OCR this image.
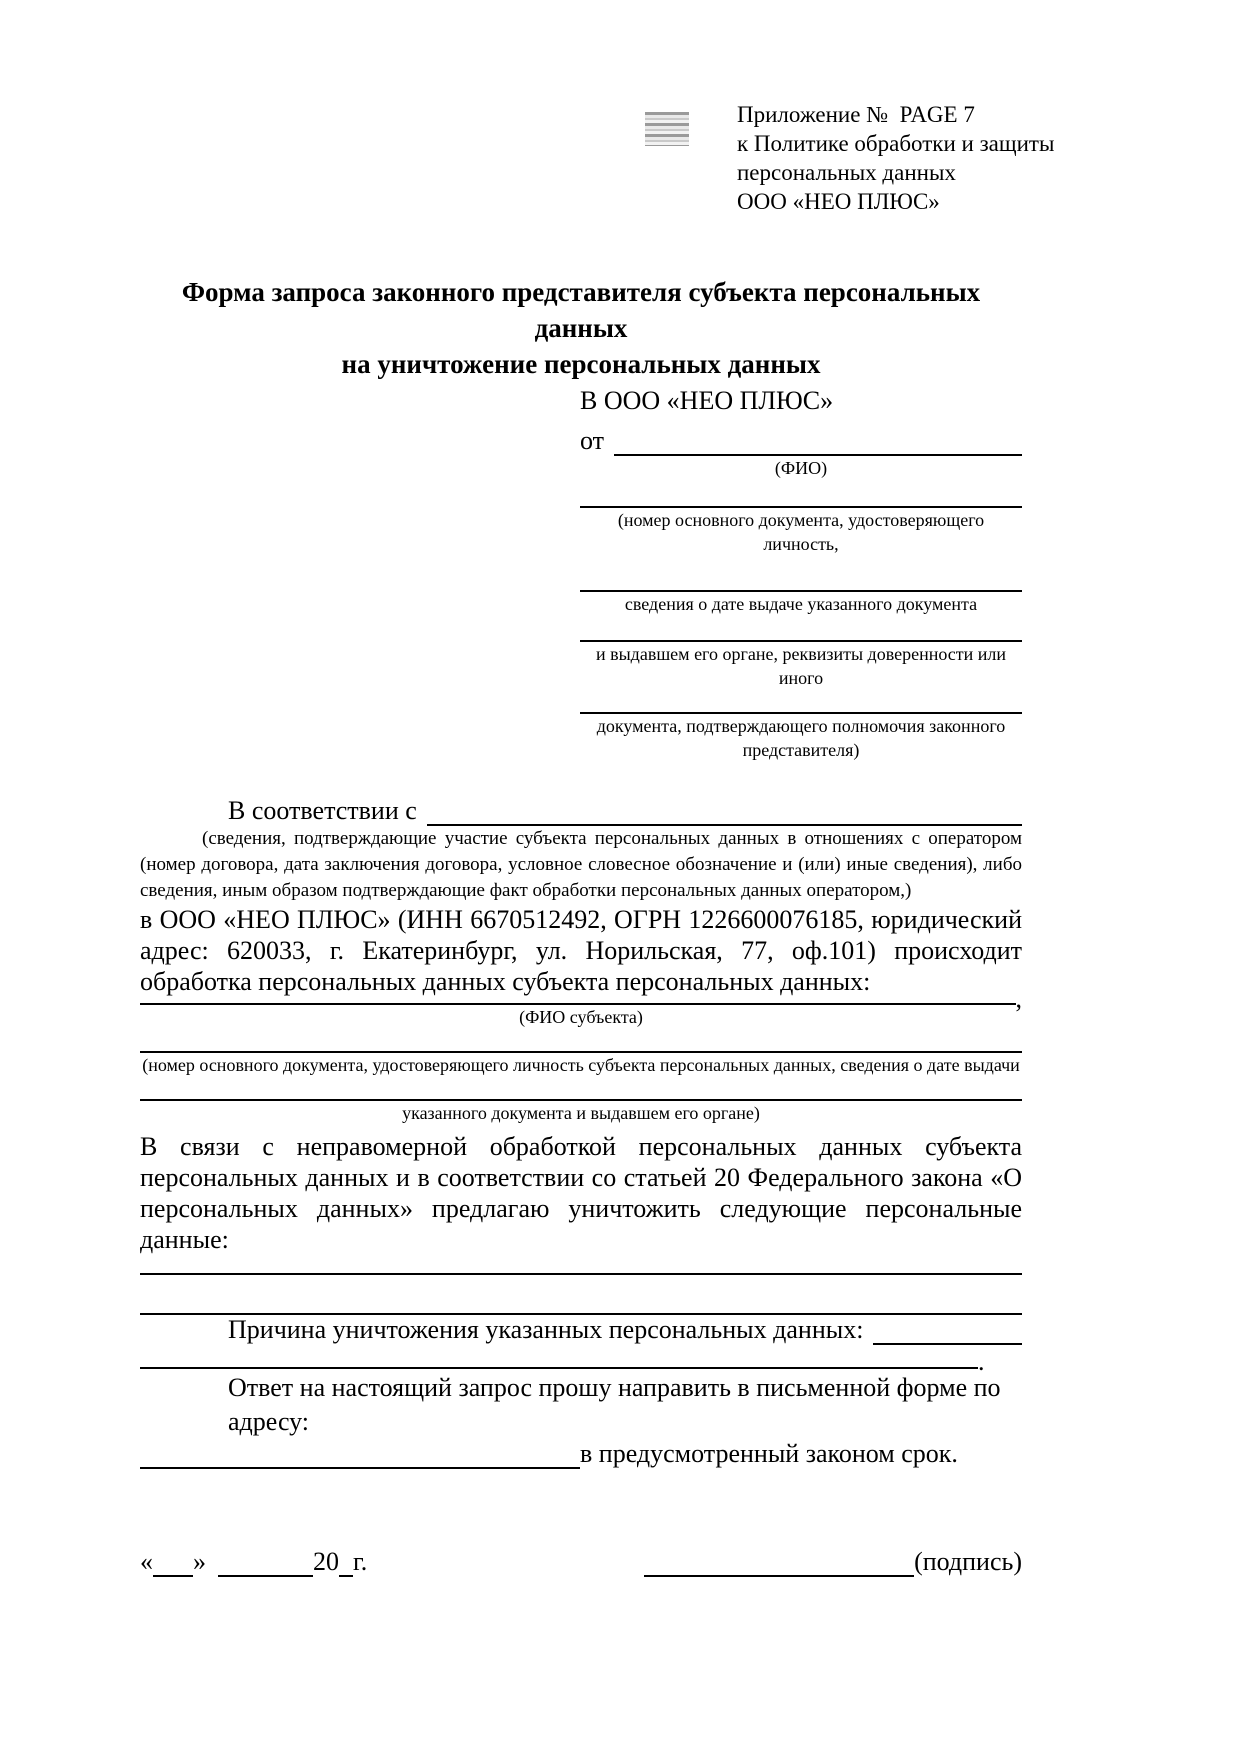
Приложение №  PAGE 7
к Политике обработки и защиты
персональных данных
ООО «НЕО ПЛЮС»
Форма запроса законного представителя субъекта персональных данных
на уничтожение персональных данных
В ООО «НЕО ПЛЮС»
от
(ФИО)
(номер основного документа, удостоверяющего личность,
сведения о дате выдаче указанного документа
и выдавшем его органе, реквизиты доверенности или иного
документа, подтверждающего полномочия законного представителя)
В соответствии с
(сведения, подтверждающие участие субъекта персональных данных в отношениях с оператором (номер договора, дата заключения договора, условное словесное обозначение и (или) иные сведения), либо сведения, иным образом подтверждающие факт обработки персональных данных оператором,)
в ООО «НЕО ПЛЮС» (ИНН 6670512492, ОГРН 1226600076185, юридический адрес: 620033, г. Екатеринбург, ул. Норильская, 77, оф.101) происходит обработка персональных данных субъекта персональных данных:
,
(ФИО субъекта)
(номер основного документа, удостоверяющего личность субъекта персональных данных, сведения о дате выдачи
указанного документа и выдавшем его органе)
В связи с неправомерной обработкой персональных данных субъекта персональных данных и в соответствии со статьей 20 Федерального закона «О персональных данных» предлагаю уничтожить следующие персональные данные:
Причина уничтожения указанных персональных данных:
.
Ответ на настоящий запрос прошу направить в письменной форме по адресу:
в предусмотренный законом срок.
« »	20 г.	(подпись)
